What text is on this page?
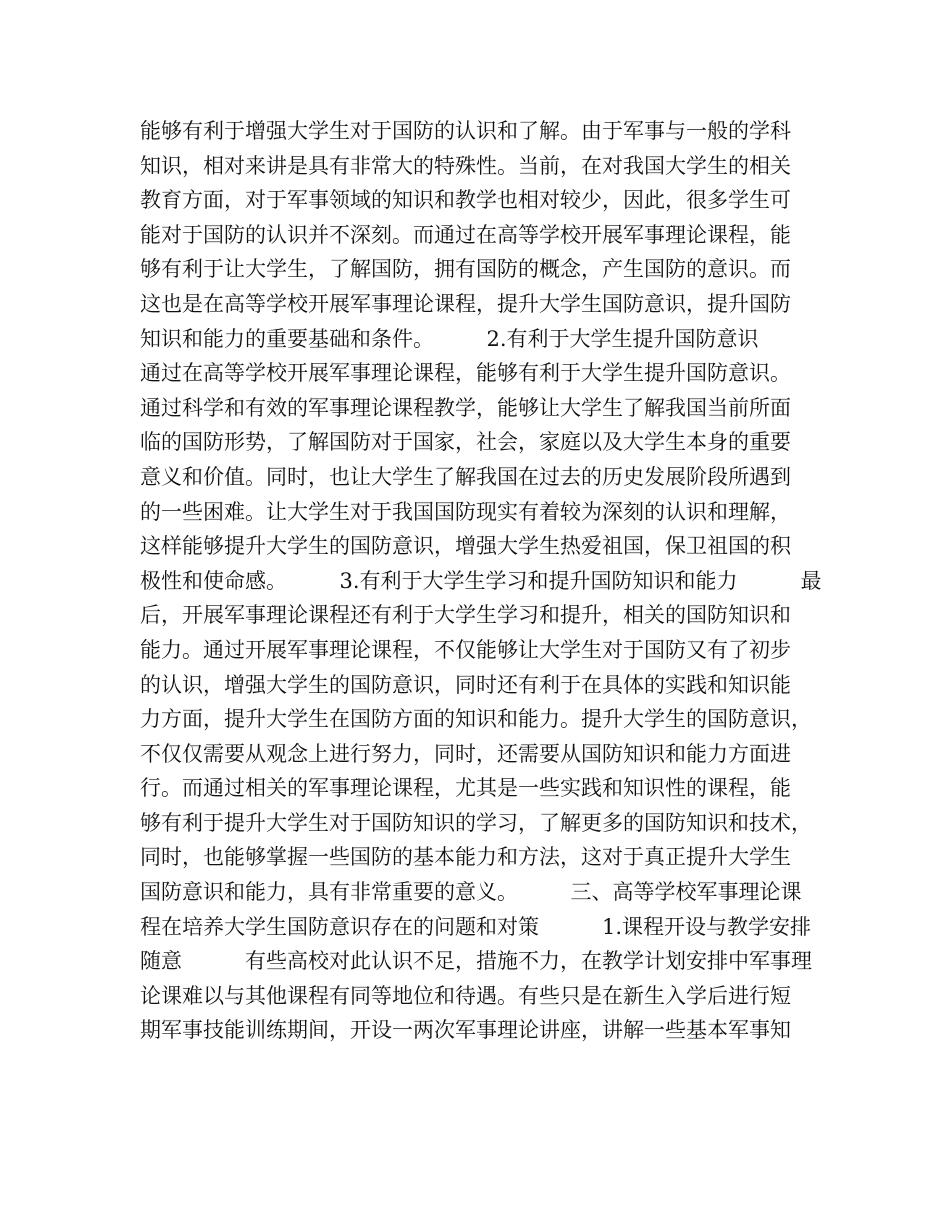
能够有利于增强大学生对于国防的认识和了解。由于军事与一般的学科
知识，相对来讲是具有非常大的特殊性。当前，在对我国大学生的相关
教育方面，对于军事领域的知识和教学也相对较少，因此，很多学生可
能对于国防的认识并不深刻。而通过在高等学校开展军事理论课程，能
够有利于让大学生，了解国防，拥有国防的概念，产生国防的意识。而
这也是在高等学校开展军事理论课程，提升大学生国防意识，提升国防
知识和能力的重要基础和条件。　　　2.有利于大学生提升国防意识
通过在高等学校开展军事理论课程，能够有利于大学生提升国防意识。
通过科学和有效的军事理论课程教学，能够让大学生了解我国当前所面
临的国防形势，了解国防对于国家，社会，家庭以及大学生本身的重要
意义和价值。同时，也让大学生了解我国在过去的历史发展阶段所遇到
的一些困难。让大学生对于我国国防现实有着较为深刻的认识和理解，
这样能够提升大学生的国防意识，增强大学生热爱祖国，保卫祖国的积
极性和使命感。　　　3.有利于大学生学习和提升国防知识和能力　　　最
后，开展军事理论课程还有利于大学生学习和提升，相关的国防知识和
能力。通过开展军事理论课程，不仅能够让大学生对于国防又有了初步
的认识，增强大学生的国防意识，同时还有利于在具体的实践和知识能
力方面，提升大学生在国防方面的知识和能力。提升大学生的国防意识，
不仅仅需要从观念上进行努力，同时，还需要从国防知识和能力方面进
行。而通过相关的军事理论课程，尤其是一些实践和知识性的课程，能
够有利于提升大学生对于国防知识的学习，了解更多的国防知识和技术，
同时，也能够掌握一些国防的基本能力和方法，这对于真正提升大学生
国防意识和能力，具有非常重要的意义。　　　三、高等学校军事理论课
程在培养大学生国防意识存在的问题和对策　　　1.课程开设与教学安排
随意　　　有些高校对此认识不足，措施不力，在教学计划安排中军事理
论课难以与其他课程有同等地位和待遇。有些只是在新生入学后进行短
期军事技能训练期间，开设一两次军事理论讲座，讲解一些基本军事知
